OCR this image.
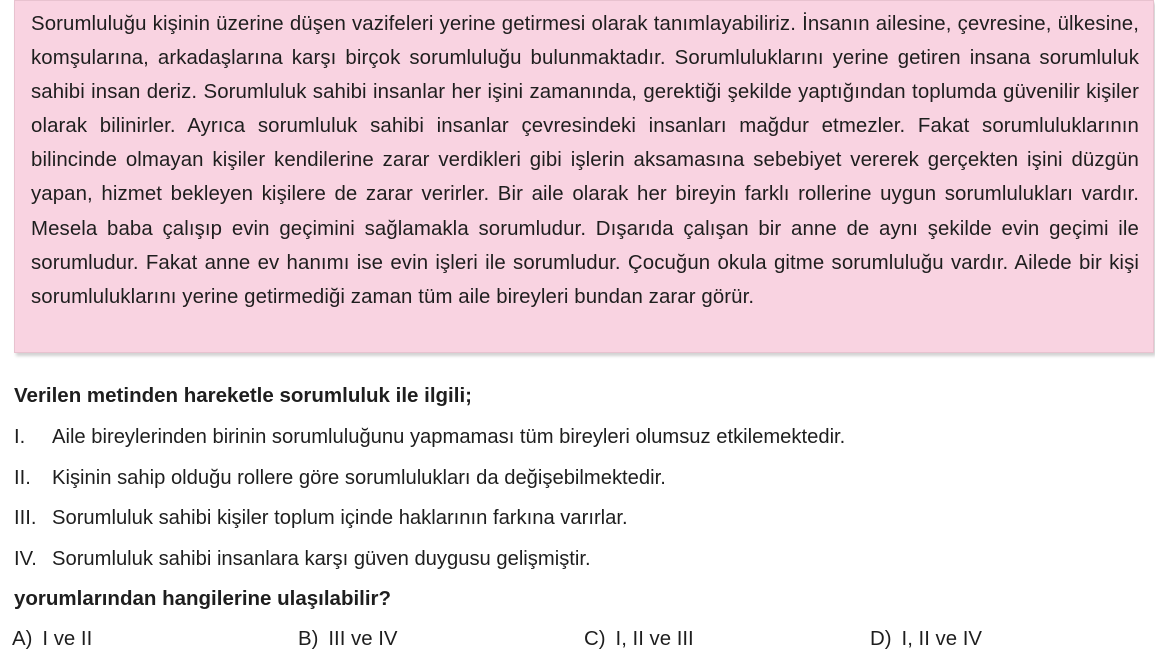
Sorumluluğu kişinin üzerine düşen vazifeleri yerine getirmesi olarak tanımlayabiliriz. İnsanın ailesine, çevresine, ülkesine, komşularına, arkadaşlarına karşı birçok sorumluluğu bulunmaktadır. Sorumluluklarını yerine getiren insana sorumluluk sahibi insan deriz. Sorumluluk sahibi insanlar her işini zamanında, gerektiği şekilde yaptığından toplumda güvenilir kişiler olarak bilinirler. Ayrıca sorumluluk sahibi insanlar çevresindeki insanları mağdur etmezler. Fakat sorumluluklarının bilincinde olmayan kişiler kendilerine zarar verdikleri gibi işlerin aksamasına sebebiyet vererek gerçekten işini düzgün yapan, hizmet bekleyen kişilere de zarar verirler. Bir aile olarak her bireyin farklı rollerine uygun sorumlulukları vardır. Mesela baba çalışıp evin geçimini sağlamakla sorumludur. Dışarıda çalışan bir anne de aynı şekilde evin geçimi ile sorumludur. Fakat anne ev hanımı ise evin işleri ile sorumludur. Çocuğun okula gitme sorumluluğu vardır. Ailede bir kişi sorumluluklarını yerine getirmediği zaman tüm aile bireyleri bundan zarar görür.

Verilen metinden hareketle sorumluluk ile ilgili;
I. Aile bireylerinden birinin sorumluluğunu yapmaması tüm bireyleri olumsuz etkilemektedir.
II. Kişinin sahip olduğu rollere göre sorumlulukları da değişebilmektedir.
III. Sorumluluk sahibi kişiler toplum içinde haklarının farkına varırlar.
IV. Sorumluluk sahibi insanlara karşı güven duygusu gelişmiştir.
yorumlarından hangilerine ulaşılabilir?
A) I ve II	B) III ve IV	C) I, II ve III	D) I, II ve IV
